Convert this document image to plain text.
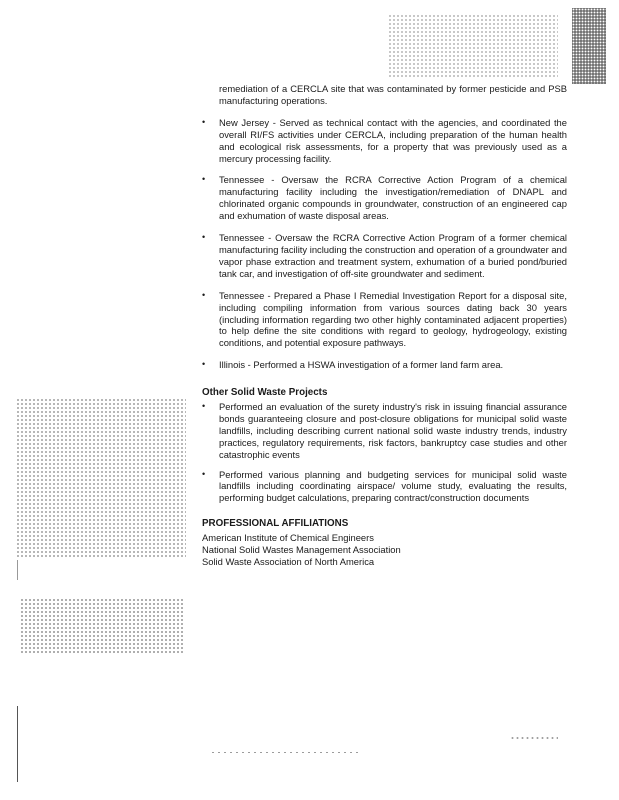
remediation of a CERCLA site that was contaminated by former pesticide and PSB manufacturing operations.

• New Jersey - Served as technical contact with the agencies, and coordinated the overall RI/FS activities under CERCLA, including preparation of the human health and ecological risk assessments, for a property that was previously used as a mercury processing facility.
• Tennessee - Oversaw the RCRA Corrective Action Program of a chemical manufacturing facility including the investigation/remediation of DNAPL and chlorinated organic compounds in groundwater, construction of an engineered cap and exhumation of waste disposal areas.
• Tennessee - Oversaw the RCRA Corrective Action Program of a former chemical manufacturing facility including the construction and operation of a groundwater and vapor phase extraction and treatment system, exhumation of a buried pond/buried tank car, and investigation of off-site groundwater and sediment.
• Tennessee - Prepared a Phase I Remedial Investigation Report for a disposal site, including compiling information from various sources dating back 30 years (including information regarding two other highly contaminated adjacent properties) to help define the site conditions with regard to geology, hydrogeology, existing conditions, and potential exposure pathways.
• Illinois - Performed a HSWA investigation of a former land farm area.
Other Solid Waste Projects
• Performed an evaluation of the surety industry's risk in issuing financial assurance bonds guaranteeing closure and post-closure obligations for municipal solid waste landfills, including describing current national solid waste industry trends, industry practices, regulatory requirements, risk factors, bankruptcy case studies and other catastrophic events
• Performed various planning and budgeting services for municipal solid waste landfills including coordinating airspace/ volume study, evaluating the results, performing budget calculations, preparing contract/construction documents
PROFESSIONAL AFFILIATIONS
American Institute of Chemical Engineers
National Solid Wastes Management Association
Solid Waste Association of North America
